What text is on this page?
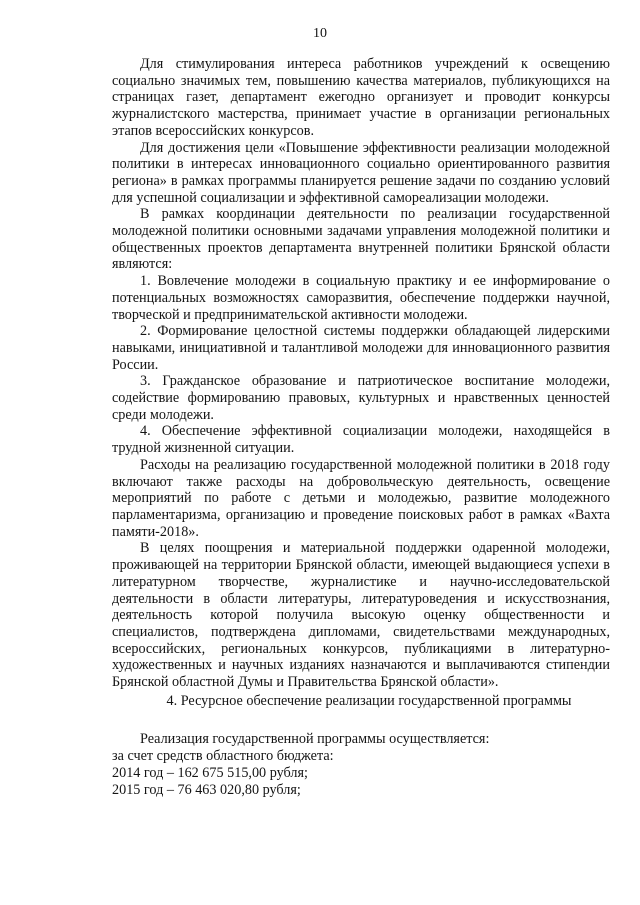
10

Для стимулирования интереса работников учреждений к освещению социально значимых тем, повышению качества материалов, публикующихся на страницах газет, департамент ежегодно организует и проводит конкурсы журналистского мастерства, принимает участие в организации региональных этапов всероссийских конкурсов.

Для достижения цели «Повышение эффективности реализации молодежной политики в интересах инновационного социально ориентированного развития региона» в рамках программы планируется решение задачи по созданию условий для успешной социализации и эффективной самореализации молодежи.

В рамках координации деятельности по реализации государственной молодежной политики основными задачами управления молодежной политики и общественных проектов департамента внутренней политики Брянской области являются:

1. Вовлечение молодежи в социальную практику и ее информирование о потенциальных возможностях саморазвития, обеспечение поддержки научной, творческой и предпринимательской активности молодежи.

2. Формирование целостной системы поддержки обладающей лидерскими навыками, инициативной и талантливой молодежи для инновационного развития России.

3. Гражданское образование и патриотическое воспитание молодежи, содействие формированию правовых, культурных и нравственных ценностей среди молодежи.

4. Обеспечение эффективной социализации молодежи, находящейся в трудной жизненной ситуации.

Расходы на реализацию государственной молодежной политики в 2018 году включают также расходы на добровольческую деятельность, освещение мероприятий по работе с детьми и молодежью, развитие молодежного парламентаризма, организацию и проведение поисковых работ в рамках «Вахта памяти-2018».

В целях поощрения и материальной поддержки одаренной молодежи, проживающей на территории Брянской области, имеющей выдающиеся успехи в литературном творчестве, журналистике и научно-исследовательской деятельности в области литературы, литературоведения и искусствознания, деятельность которой получила высокую оценку общественности и специалистов, подтверждена дипломами, свидетельствами международных, всероссийских, региональных конкурсов, публикациями в литературно-художественных и научных изданиях назначаются и выплачиваются стипендии Брянской областной Думы и Правительства Брянской области».

4. Ресурсное обеспечение реализации государственной программы

Реализация государственной программы осуществляется:

за счет средств областного бюджета:

2014 год – 162 675 515,00 рубля;

2015 год – 76 463 020,80 рубля;
